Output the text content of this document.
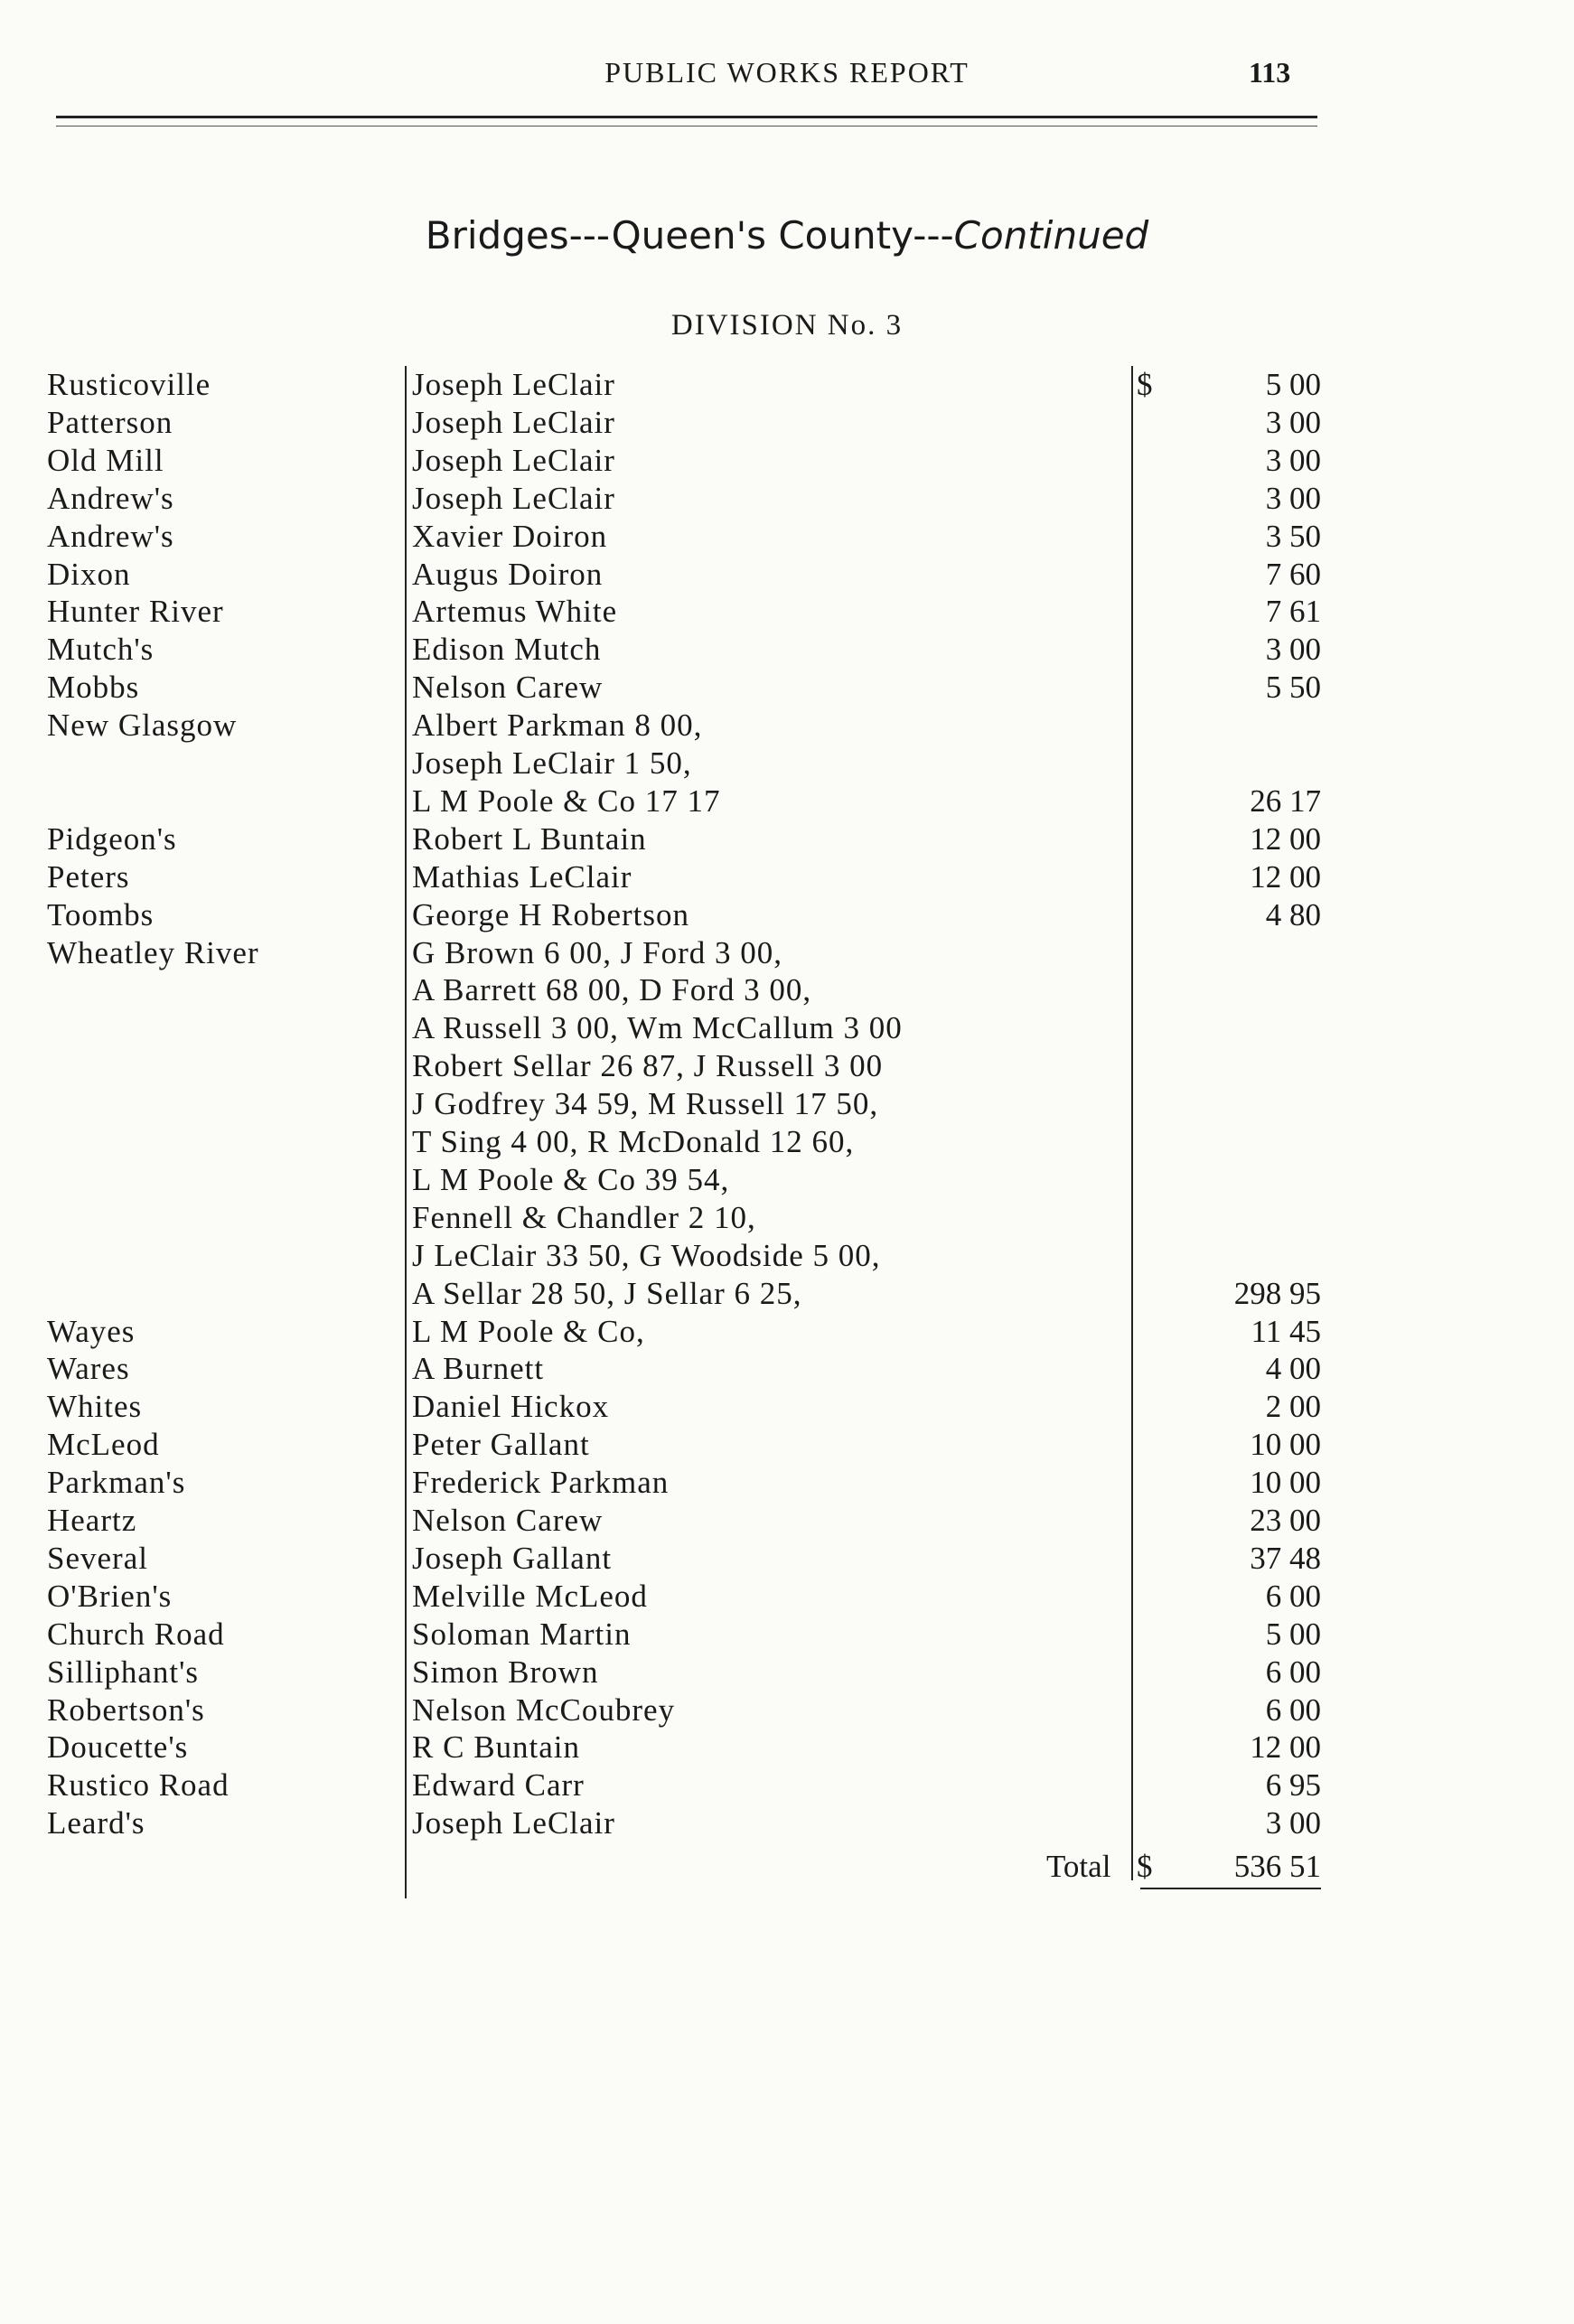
PUBLIC WORKS REPORT	113
Bridges---Queen's County---Continued
DIVISION No. 3
Rusticoville	Joseph LeClair	5 00
$
Patterson	Joseph LeClair	3 00
Old Mill	Joseph LeClair	3 00
Andrew's	Joseph LeClair	3 00
Andrew's	Xavier Doiron	3 50
Dixon	Augus Doiron	7 60
Hunter River	Artemus White	7 61
Mutch's	Edison Mutch	3 00
Mobbs	Nelson Carew	5 50
New Glasgow	Albert Parkman 8 00,
Joseph LeClair 1 50,
L M Poole & Co 17 17	26 17
Pidgeon's	Robert L Buntain	12 00
Peters	Mathias LeClair	12 00
Toombs	George H Robertson	4 80
Wheatley River	G Brown 6 00, J Ford 3 00,
A Barrett 68 00, D Ford 3 00,
A Russell 3 00, Wm McCallum 3 00
Robert Sellar 26 87, J Russell 3 00
J Godfrey 34 59, M Russell 17 50,
T Sing 4 00, R McDonald 12 60,
L M Poole & Co 39 54,
Fennell & Chandler 2 10,
J LeClair 33 50, G Woodside 5 00,
A Sellar 28 50, J Sellar 6 25,	298 95
Wayes	L M Poole & Co,	11 45
Wares	A Burnett	4 00
Whites	Daniel Hickox	2 00
McLeod	Peter Gallant	10 00
Parkman's	Frederick Parkman	10 00
Heartz	Nelson Carew	23 00
Several	Joseph Gallant	37 48
O'Brien's	Melville McLeod	6 00
Church Road	Soloman Martin	5 00
Silliphant's	Simon Brown	6 00
Robertson's	Nelson McCoubrey	6 00
Doucette's	R C Buntain	12 00
Rustico Road	Edward Carr	6 95
Leard's	Joseph LeClair	3 00
Total $	536 51
